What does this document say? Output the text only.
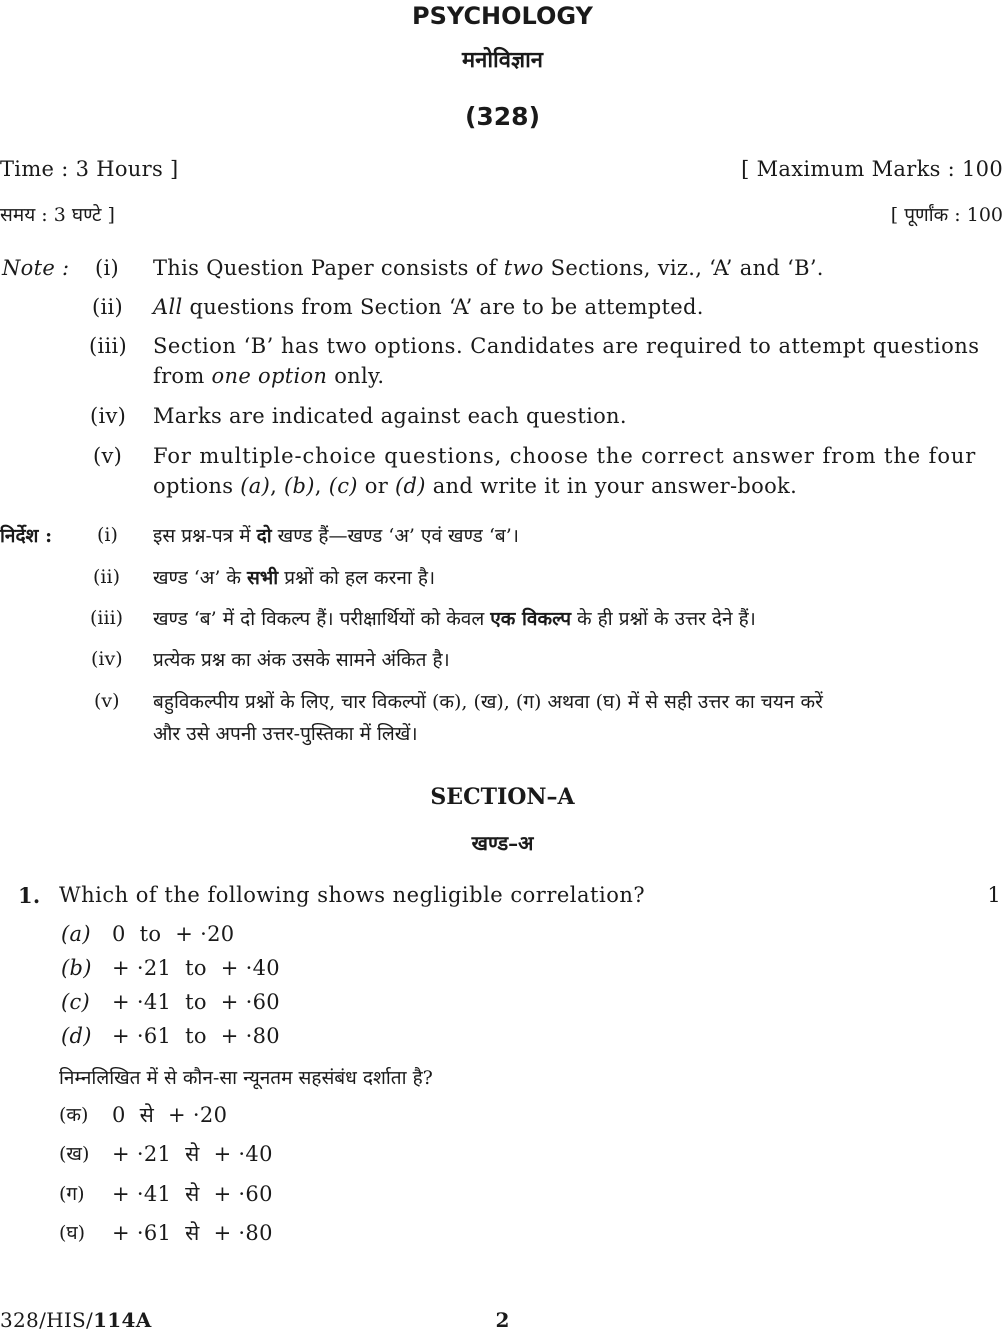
PSYCHOLOGY
मनोविज्ञान
(328)
Time : 3 Hours ]	[ Maximum Marks : 100
समय : 3 घण्टे ]	[ पूर्णांक : 100
Note : (i) This Question Paper consists of two Sections, viz., ‘A’ and ‘B’.
(ii) All questions from Section ‘A’ are to be attempted.
(iii) Section ‘B’ has two options. Candidates are required to attempt questions
from one option only.
(iv) Marks are indicated against each question.
(v) For multiple-choice questions, choose the correct answer from the four
options (a), (b), (c) or (d) and write it in your answer-book.
निर्देश : (i) इस प्रश्न-पत्र में दो खण्ड हैं—खण्ड ‘अ’ एवं खण्ड ‘ब’।
(ii) खण्ड ‘अ’ के सभी प्रश्नों को हल करना है।
(iii) खण्ड ‘ब’ में दो विकल्प हैं। परीक्षार्थियों को केवल एक विकल्प के ही प्रश्नों के उत्तर देने हैं।
(iv) प्रत्येक प्रश्न का अंक उसके सामने अंकित है।
(v) बहुविकल्पीय प्रश्नों के लिए, चार विकल्पों (क), (ख), (ग) अथवा (घ) में से सही उत्तर का चयन करें
और उसे अपनी उत्तर-पुस्तिका में लिखें।
SECTION–A
खण्ड–अ
1. Which of the following shows negligible correlation?	1
(a) 0  to  + ·20
(b) + ·21  to  + ·40
(c) + ·41  to  + ·60
(d) + ·61  to  + ·80
निम्नलिखित में से कौन-सा न्यूनतम सहसंबंध दर्शाता है?
(क) 0  से  + ·20
(ख) + ·21  से  + ·40
(ग) + ·41  से  + ·60
(घ) + ·61  से  + ·80
328/HIS/114A	2
